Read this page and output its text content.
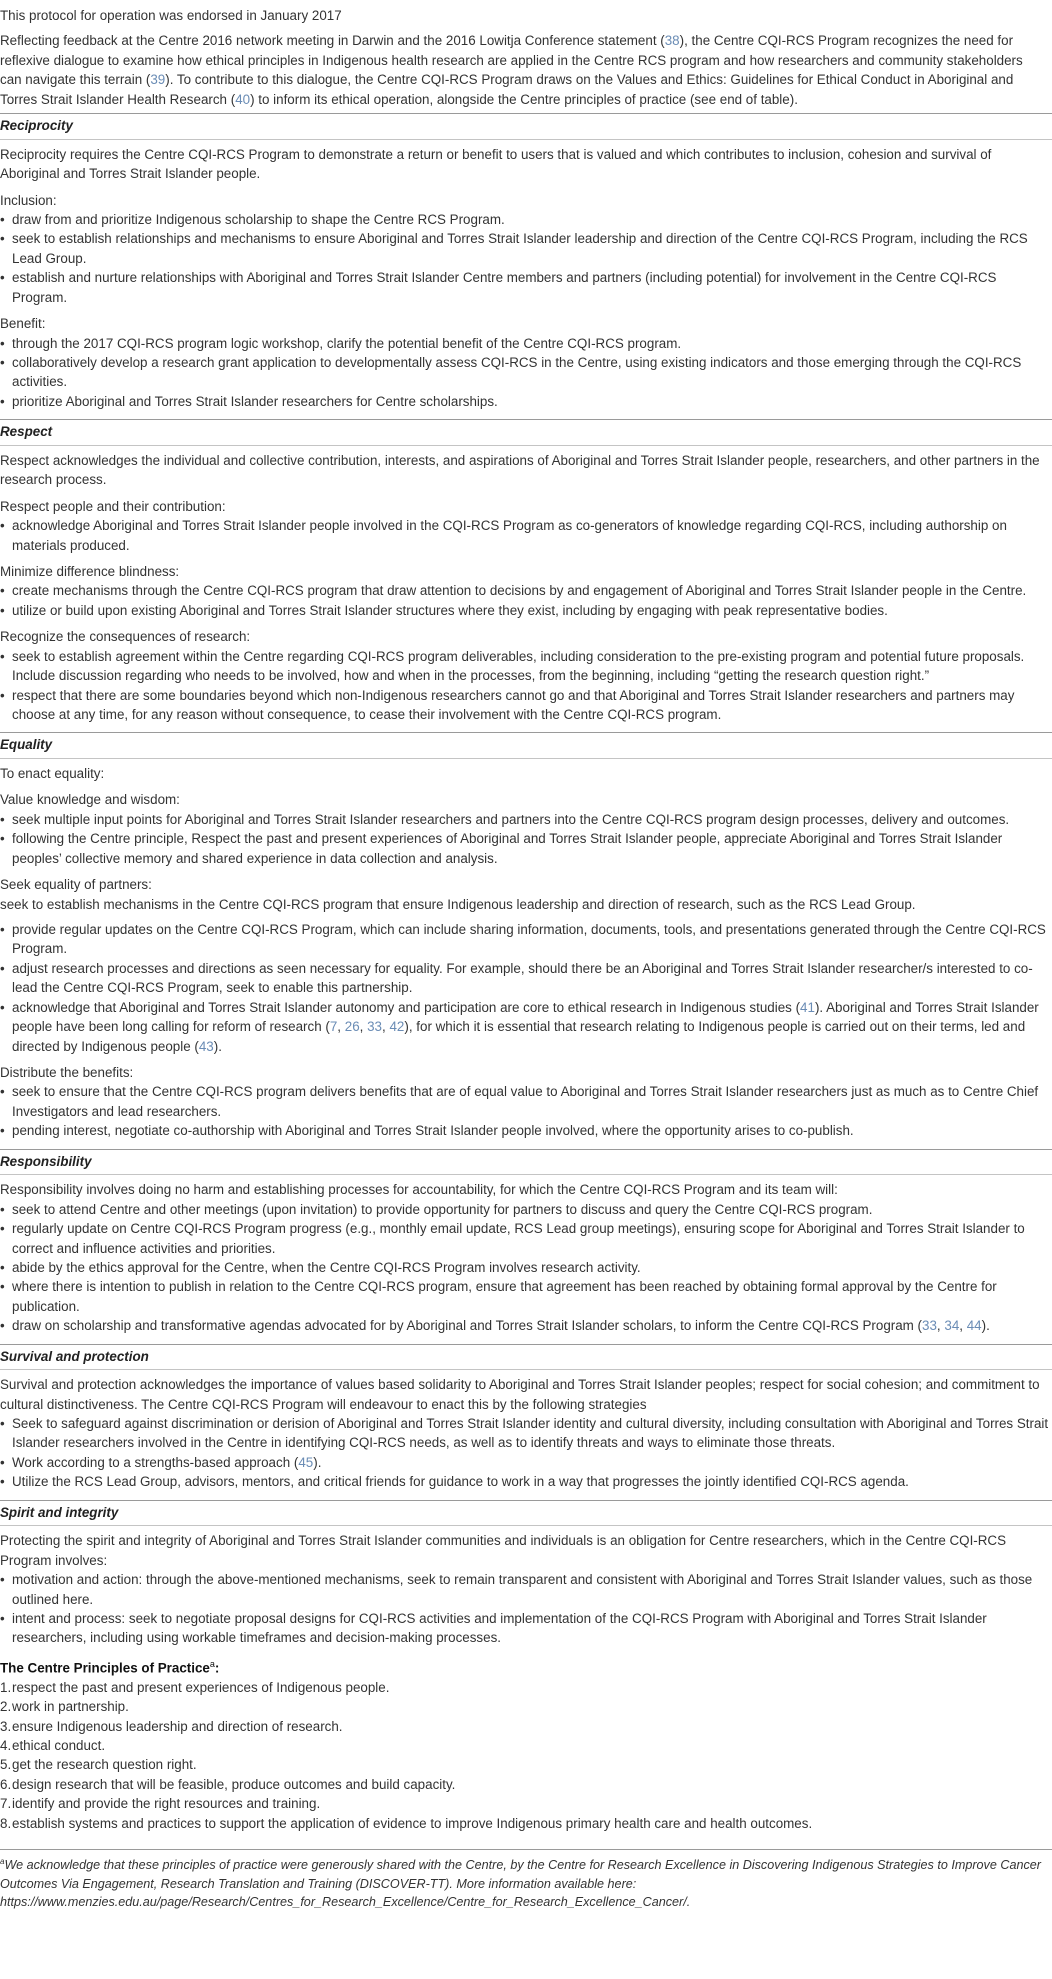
This protocol for operation was endorsed in January 2017

Reflecting feedback at the Centre 2016 network meeting in Darwin and the 2016 Lowitja Conference statement (38), the Centre CQI-RCS Program recognizes the need for reflexive dialogue to examine how ethical principles in Indigenous health research are applied in the Centre RCS program and how researchers and community stakeholders can navigate this terrain (39). To contribute to this dialogue, the Centre CQI-RCS Program draws on the Values and Ethics: Guidelines for Ethical Conduct in Aboriginal and Torres Strait Islander Health Research (40) to inform its ethical operation, alongside the Centre principles of practice (see end of table).

Reciprocity

Reciprocity requires the Centre CQI-RCS Program to demonstrate a return or benefit to users that is valued and which contributes to inclusion, cohesion and survival of Aboriginal and Torres Strait Islander people.

Inclusion:

• draw from and prioritize Indigenous scholarship to shape the Centre RCS Program.
• seek to establish relationships and mechanisms to ensure Aboriginal and Torres Strait Islander leadership and direction of the Centre CQI-RCS Program, including the RCS Lead Group.
• establish and nurture relationships with Aboriginal and Torres Strait Islander Centre members and partners (including potential) for involvement in the Centre CQI-RCS Program.

Benefit:

• through the 2017 CQI-RCS program logic workshop, clarify the potential benefit of the Centre CQI-RCS program.
• collaboratively develop a research grant application to developmentally assess CQI-RCS in the Centre, using existing indicators and those emerging through the CQI-RCS activities.
• prioritize Aboriginal and Torres Strait Islander researchers for Centre scholarships.
Respect

Respect acknowledges the individual and collective contribution, interests, and aspirations of Aboriginal and Torres Strait Islander people, researchers, and other partners in the research process.

Respect people and their contribution:

• acknowledge Aboriginal and Torres Strait Islander people involved in the CQI-RCS Program as co-generators of knowledge regarding CQI-RCS, including authorship on materials produced.

Minimize difference blindness:

• create mechanisms through the Centre CQI-RCS program that draw attention to decisions by and engagement of Aboriginal and Torres Strait Islander people in the Centre.
• utilize or build upon existing Aboriginal and Torres Strait Islander structures where they exist, including by engaging with peak representative bodies.

Recognize the consequences of research:

• seek to establish agreement within the Centre regarding CQI-RCS program deliverables, including consideration to the pre-existing program and potential future proposals. Include discussion regarding who needs to be involved, how and when in the processes, from the beginning, including “getting the research question right.”
• respect that there are some boundaries beyond which non-Indigenous researchers cannot go and that Aboriginal and Torres Strait Islander researchers and partners may choose at any time, for any reason without consequence, to cease their involvement with the Centre CQI-RCS program.
Equality

To enact equality:

Value knowledge and wisdom:

• seek multiple input points for Aboriginal and Torres Strait Islander researchers and partners into the Centre CQI-RCS program design processes, delivery and outcomes.
• following the Centre principle, Respect the past and present experiences of Aboriginal and Torres Strait Islander people, appreciate Aboriginal and Torres Strait Islander peoples’ collective memory and shared experience in data collection and analysis.

Seek equality of partners:

seek to establish mechanisms in the Centre CQI-RCS program that ensure Indigenous leadership and direction of research, such as the RCS Lead Group.

• provide regular updates on the Centre CQI-RCS Program, which can include sharing information, documents, tools, and presentations generated through the Centre CQI-RCS Program.
• adjust research processes and directions as seen necessary for equality. For example, should there be an Aboriginal and Torres Strait Islander researcher/s interested to co-lead the Centre CQI-RCS Program, seek to enable this partnership.
• acknowledge that Aboriginal and Torres Strait Islander autonomy and participation are core to ethical research in Indigenous studies (41). Aboriginal and Torres Strait Islander people have been long calling for reform of research (7, 26, 33, 42), for which it is essential that research relating to Indigenous people is carried out on their terms, led and directed by Indigenous people (43).

Distribute the benefits:

• seek to ensure that the Centre CQI-RCS program delivers benefits that are of equal value to Aboriginal and Torres Strait Islander researchers just as much as to Centre Chief Investigators and lead researchers.
• pending interest, negotiate co-authorship with Aboriginal and Torres Strait Islander people involved, where the opportunity arises to co-publish.
Responsibility

Responsibility involves doing no harm and establishing processes for accountability, for which the Centre CQI-RCS Program and its team will:

• seek to attend Centre and other meetings (upon invitation) to provide opportunity for partners to discuss and query the Centre CQI-RCS program.
• regularly update on Centre CQI-RCS Program progress (e.g., monthly email update, RCS Lead group meetings), ensuring scope for Aboriginal and Torres Strait Islander to correct and influence activities and priorities.
• abide by the ethics approval for the Centre, when the Centre CQI-RCS Program involves research activity.
• where there is intention to publish in relation to the Centre CQI-RCS program, ensure that agreement has been reached by obtaining formal approval by the Centre for publication.
• draw on scholarship and transformative agendas advocated for by Aboriginal and Torres Strait Islander scholars, to inform the Centre CQI-RCS Program (33, 34, 44).
Survival and protection

Survival and protection acknowledges the importance of values based solidarity to Aboriginal and Torres Strait Islander peoples; respect for social cohesion; and commitment to cultural distinctiveness. The Centre CQI-RCS Program will endeavour to enact this by the following strategies

• Seek to safeguard against discrimination or derision of Aboriginal and Torres Strait Islander identity and cultural diversity, including consultation with Aboriginal and Torres Strait Islander researchers involved in the Centre in identifying CQI-RCS needs, as well as to identify threats and ways to eliminate those threats.
• Work according to a strengths-based approach (45).
• Utilize the RCS Lead Group, advisors, mentors, and critical friends for guidance to work in a way that progresses the jointly identified CQI-RCS agenda.
Spirit and integrity

Protecting the spirit and integrity of Aboriginal and Torres Strait Islander communities and individuals is an obligation for Centre researchers, which in the Centre CQI-RCS Program involves:

• motivation and action: through the above-mentioned mechanisms, seek to remain transparent and consistent with Aboriginal and Torres Strait Islander values, such as those outlined here.
• intent and process: seek to negotiate proposal designs for CQI-RCS activities and implementation of the CQI-RCS Program with Aboriginal and Torres Strait Islander researchers, including using workable timeframes and decision-making processes.

The Centre Principles of Practice$^a$:

1. respect the past and present experiences of Indigenous people.
2. work in partnership.
3. ensure Indigenous leadership and direction of research.
4. ethical conduct.
5. get the research question right.
6. design research that will be feasible, produce outcomes and build capacity.
7. identify and provide the right resources and training.
8. establish systems and practices to support the application of evidence to improve Indigenous primary health care and health outcomes.
$^a$We acknowledge that these principles of practice were generously shared with the Centre, by the Centre for Research Excellence in Discovering Indigenous Strategies to Improve Cancer Outcomes Via Engagement, Research Translation and Training (DISCOVER-TT). More information available here: https://www.menzies.edu.au/page/Research/Centres_for_Research_Excellence/Centre_for_Research_Excellence_Cancer/.
